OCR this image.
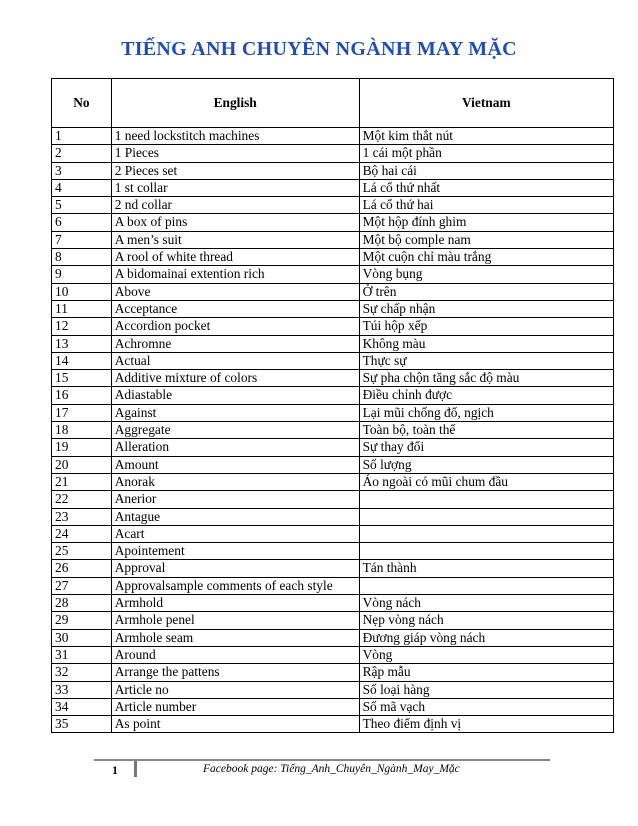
TIẾNG ANH CHUYÊN NGÀNH MAY MẶC
No	English	Vietnam
1	1 need lockstitch machines	Một kim thắt nút
2	1 Pieces	1 cái một phần
3	2 Pieces set	Bộ hai cái
4	1 st collar	Lá cổ thứ nhất
5	2 nd collar	Lá cổ thứ hai
6	A box of pins	Một hộp đính ghim
7	A men’s suit	Một bộ comple nam
8	A rool of white thread	Một cuộn chỉ màu trắng
9	A bidomainai extention rich	Vòng bụng
10	Above	Ở trên
11	Acceptance	Sự chấp nhận
12	Accordion pocket	Túi hộp xếp
13	Achromne	Không màu
14	Actual	Thực sự
15	Additive mixture of colors	Sự pha chộn tăng sắc độ màu
16	Adiastable	Điều chỉnh được
17	Against	Lại mũi chống đổ, ngịch
18	Aggregate	Toàn bộ, toàn thể
19	Alleration	Sự thay đổi
20	Amount	Số lượng
21	Anorak	Áo ngoài có mũi chum đầu
22	Anerior	
23	Antague	
24	Acart	
25	Apointement	
26	Approval	Tán thành
27	Approvalsample comments of each style	
28	Armhold	Vòng nách
29	Armhole penel	Nẹp vòng nách
30	Armhole seam	Đương giáp vòng nách
31	Around	Vòng
32	Arrange the pattens	Rập mẫu
33	Article no	Số loại hàng
34	Article number	Số mã vạch
35	As point	Theo điểm định vị
1	Facebook page: Tiếng_Anh_Chuyên_Ngành_May_Mặc
